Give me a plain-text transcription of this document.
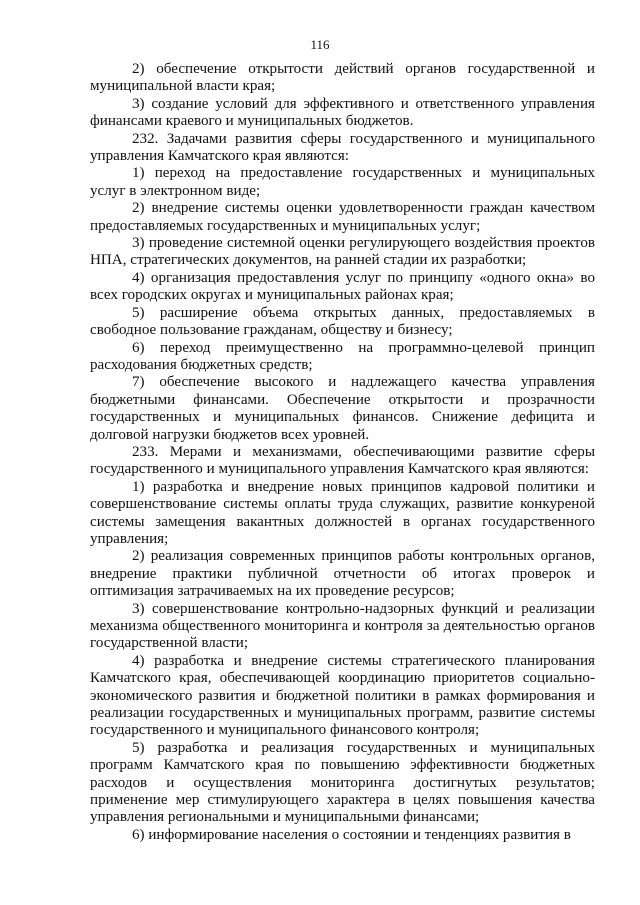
116

2) обеспечение открытости действий органов государственной и муниципальной власти края;

3) создание условий для эффективного и ответственного управления финансами краевого и муниципальных бюджетов.

232. Задачами развития сферы государственного и муниципального управления Камчатского края являются:

1) переход на предоставление государственных и муниципальных услуг в электронном виде;

2) внедрение системы оценки удовлетворенности граждан качеством предоставляемых государственных и муниципальных услуг;

3) проведение системной оценки регулирующего воздействия проектов НПА, стратегических документов, на ранней стадии их разработки;

4) организация предоставления услуг по принципу «одного окна» во всех городских округах и муниципальных районах края;

5) расширение объема открытых данных, предоставляемых в свободное пользование гражданам, обществу и бизнесу;

6) переход преимущественно на программно-целевой принцип расходования бюджетных средств;

7) обеспечение высокого и надлежащего качества управления бюджетными финансами. Обеспечение открытости и прозрачности государственных и муниципальных финансов. Снижение дефицита и долговой нагрузки бюджетов всех уровней.

233. Мерами и механизмами, обеспечивающими развитие сферы государственного и муниципального управления Камчатского края являются:

1) разработка и внедрение новых принципов кадровой политики и совершенствование системы оплаты труда служащих, развитие конкуреной системы замещения вакантных должностей в органах государственного управления;

2) реализация современных принципов работы контрольных органов, внедрение практики публичной отчетности об итогах проверок и оптимизация затрачиваемых на их проведение ресурсов;

3) совершенствование контрольно-надзорных функций и реализации механизма общественного мониторинга и контроля за деятельностью органов государственной власти;

4) разработка и внедрение системы стратегического планирования Камчатского края, обеспечивающей координацию приоритетов социально-экономического развития и бюджетной политики в рамках формирования и реализации государственных и муниципальных программ, развитие системы государственного и муниципального финансового контроля;

5) разработка и реализация государственных и муниципальных программ Камчатского края по повышению эффективности бюджетных расходов и осуществления мониторинга достигнутых результатов; применение мер стимулирующего характера в целях повышения качества управления региональными и муниципальными финансами;

6) информирование населения о состоянии и тенденциях развития в
